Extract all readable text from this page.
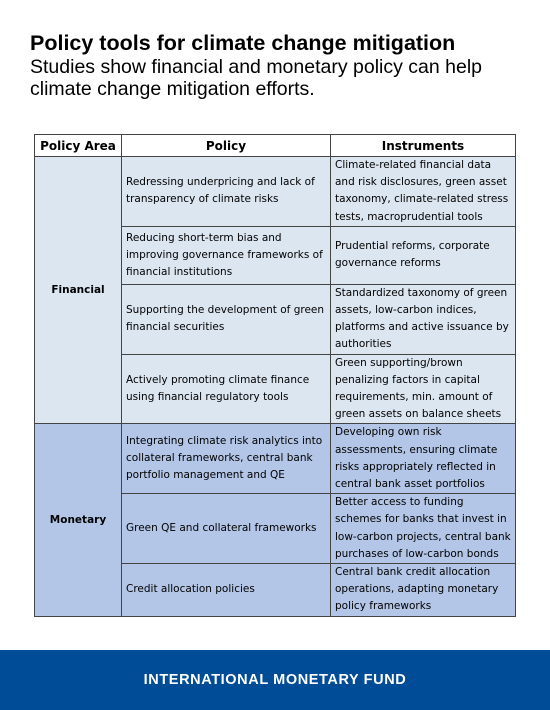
Policy tools for climate change mitigation
Studies show financial and monetary policy can help climate change mitigation efforts.
Policy Area	Policy	Instruments
Financial	Redressing underpricing and lack of transparency of climate risks	Climate-related financial data and risk disclosures, green asset taxonomy, climate-related stress tests, macroprudential tools
	Reducing short-term bias and improving governance frameworks of financial institutions	Prudential reforms, corporate governance reforms
	Supporting the development of green financial securities	Standardized taxonomy of green assets, low-carbon indices, platforms and active issuance by authorities
	Actively promoting climate finance using financial regulatory tools	Green supporting/brown penalizing factors in capital requirements, min. amount of green assets on balance sheets
Monetary	Integrating climate risk analytics into collateral frameworks, central bank portfolio management and QE	Developing own risk assessments, ensuring climate risks appropriately reflected in central bank asset portfolios
	Green QE and collateral frameworks	Better access to funding schemes for banks that invest in low-carbon projects, central bank purchases of low-carbon bonds
	Credit allocation policies	Central bank credit allocation operations, adapting monetary policy frameworks
INTERNATIONAL MONETARY FUND
